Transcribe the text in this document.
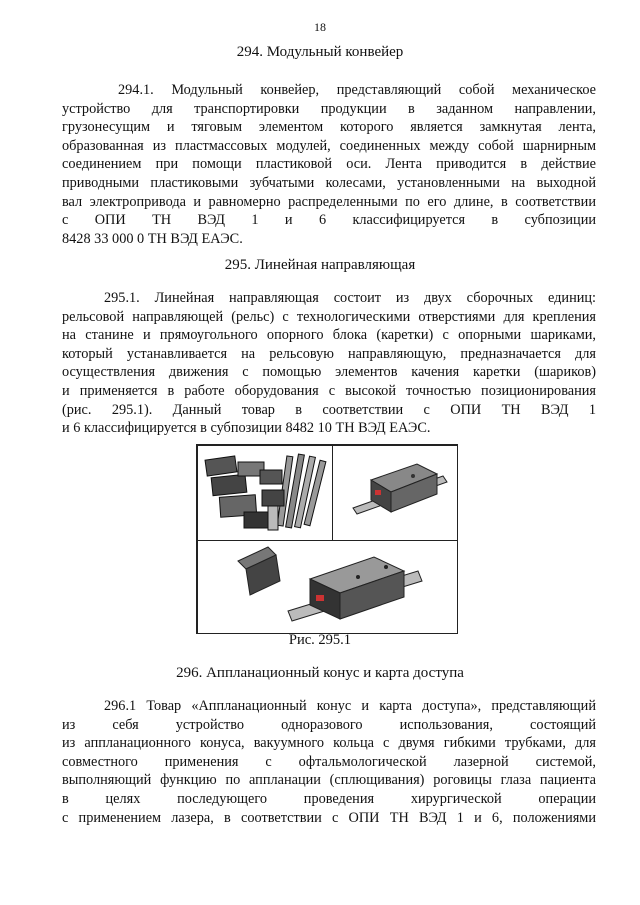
18
294. Модульный конвейер
294.1. Модульный конвейер, представляющий собой механическое
устройство для транспортировки продукции в заданном направлении,
грузонесущим и тяговым элементом которого является замкнутая лента,
образованная из пластмассовых модулей, соединенных между собой шарнирным
соединением при помощи пластиковой оси. Лента приводится в действие
приводными пластиковыми зубчатыми колесами, установленными на выходной
вал электропривода и равномерно распределенными по его длине, в соответствии
с ОПИ ТН ВЭД 1 и 6 классифицируется в субпозиции
8428 33 000 0 ТН ВЭД ЕАЭС.
295. Линейная направляющая
295.1. Линейная направляющая состоит из двух сборочных единиц:
рельсовой направляющей (рельс) с технологическими отверстиями для крепления
на станине и прямоугольного опорного блока (каретки) с опорными шариками,
который устанавливается на рельсовую направляющую, предназначается для
осуществления движения с помощью элементов качения каретки (шариков)
и применяется в работе оборудования с высокой точностью позиционирования
(рис. 295.1). Данный товар в соответствии с ОПИ ТН ВЭД 1
и 6 классифицируется в субпозиции 8482 10 ТН ВЭД ЕАЭС.
Рис. 295.1
296. Аппланационный конус и карта доступа
296.1 Товар «Аппланационный конус и карта доступа», представляющий
из себя устройство одноразового использования, состоящий
из аппланационного конуса, вакуумного кольца с двумя гибкими трубками, для
совместного применения с офтальмологической лазерной системой,
выполняющий функцию по аппланации (сплющивания) роговицы глаза пациента
в целях последующего проведения хирургической операции
с применением лазера, в соответствии с ОПИ ТН ВЭД 1 и 6, положениями
